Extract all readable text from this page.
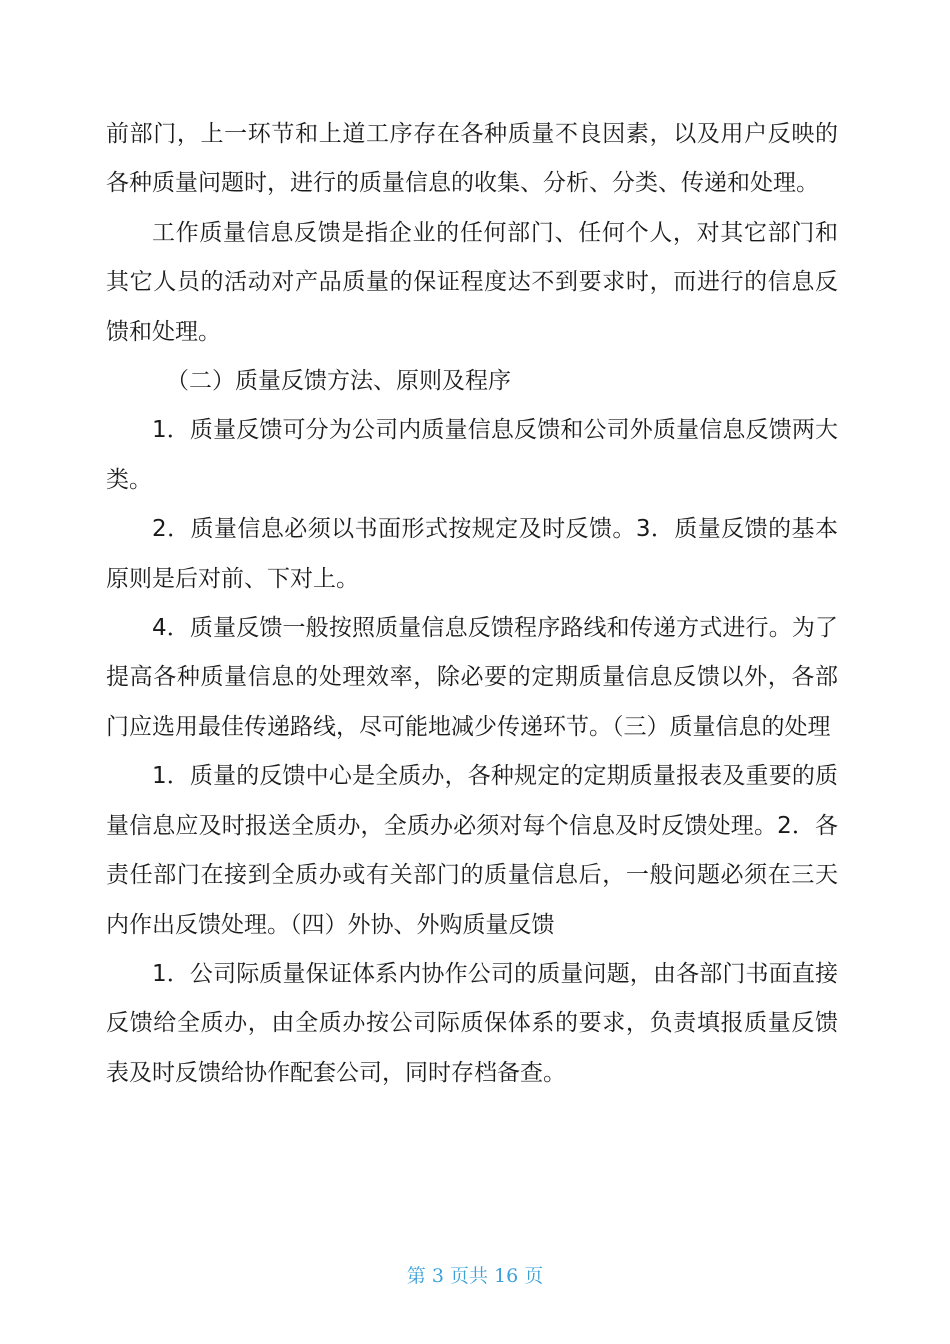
前部门，上一环节和上道工序存在各种质量不良因素，以及用户反映的各种质量问题时，进行的质量信息的收集、分析、分类、传递和处理。

工作质量信息反馈是指企业的任何部门、任何个人，对其它部门和其它人员的活动对产品质量的保证程度达不到要求时，而进行的信息反馈和处理。

（二）质量反馈方法、原则及程序

1．质量反馈可分为公司内质量信息反馈和公司外质量信息反馈两大类。

2．质量信息必须以书面形式按规定及时反馈。3．质量反馈的基本原则是后对前、下对上。

4．质量反馈一般按照质量信息反馈程序路线和传递方式进行。为了提高各种质量信息的处理效率，除必要的定期质量信息反馈以外，各部门应选用最佳传递路线，尽可能地减少传递环节。（三）质量信息的处理

1．质量的反馈中心是全质办，各种规定的定期质量报表及重要的质量信息应及时报送全质办，全质办必须对每个信息及时反馈处理。2．各责任部门在接到全质办或有关部门的质量信息后，一般问题必须在三天内作出反馈处理。（四）外协、外购质量反馈

1．公司际质量保证体系内协作公司的质量问题，由各部门书面直接反馈给全质办，由全质办按公司际质保体系的要求，负责填报质量反馈表及时反馈给协作配套公司，同时存档备查。

第 3 页共 16 页
